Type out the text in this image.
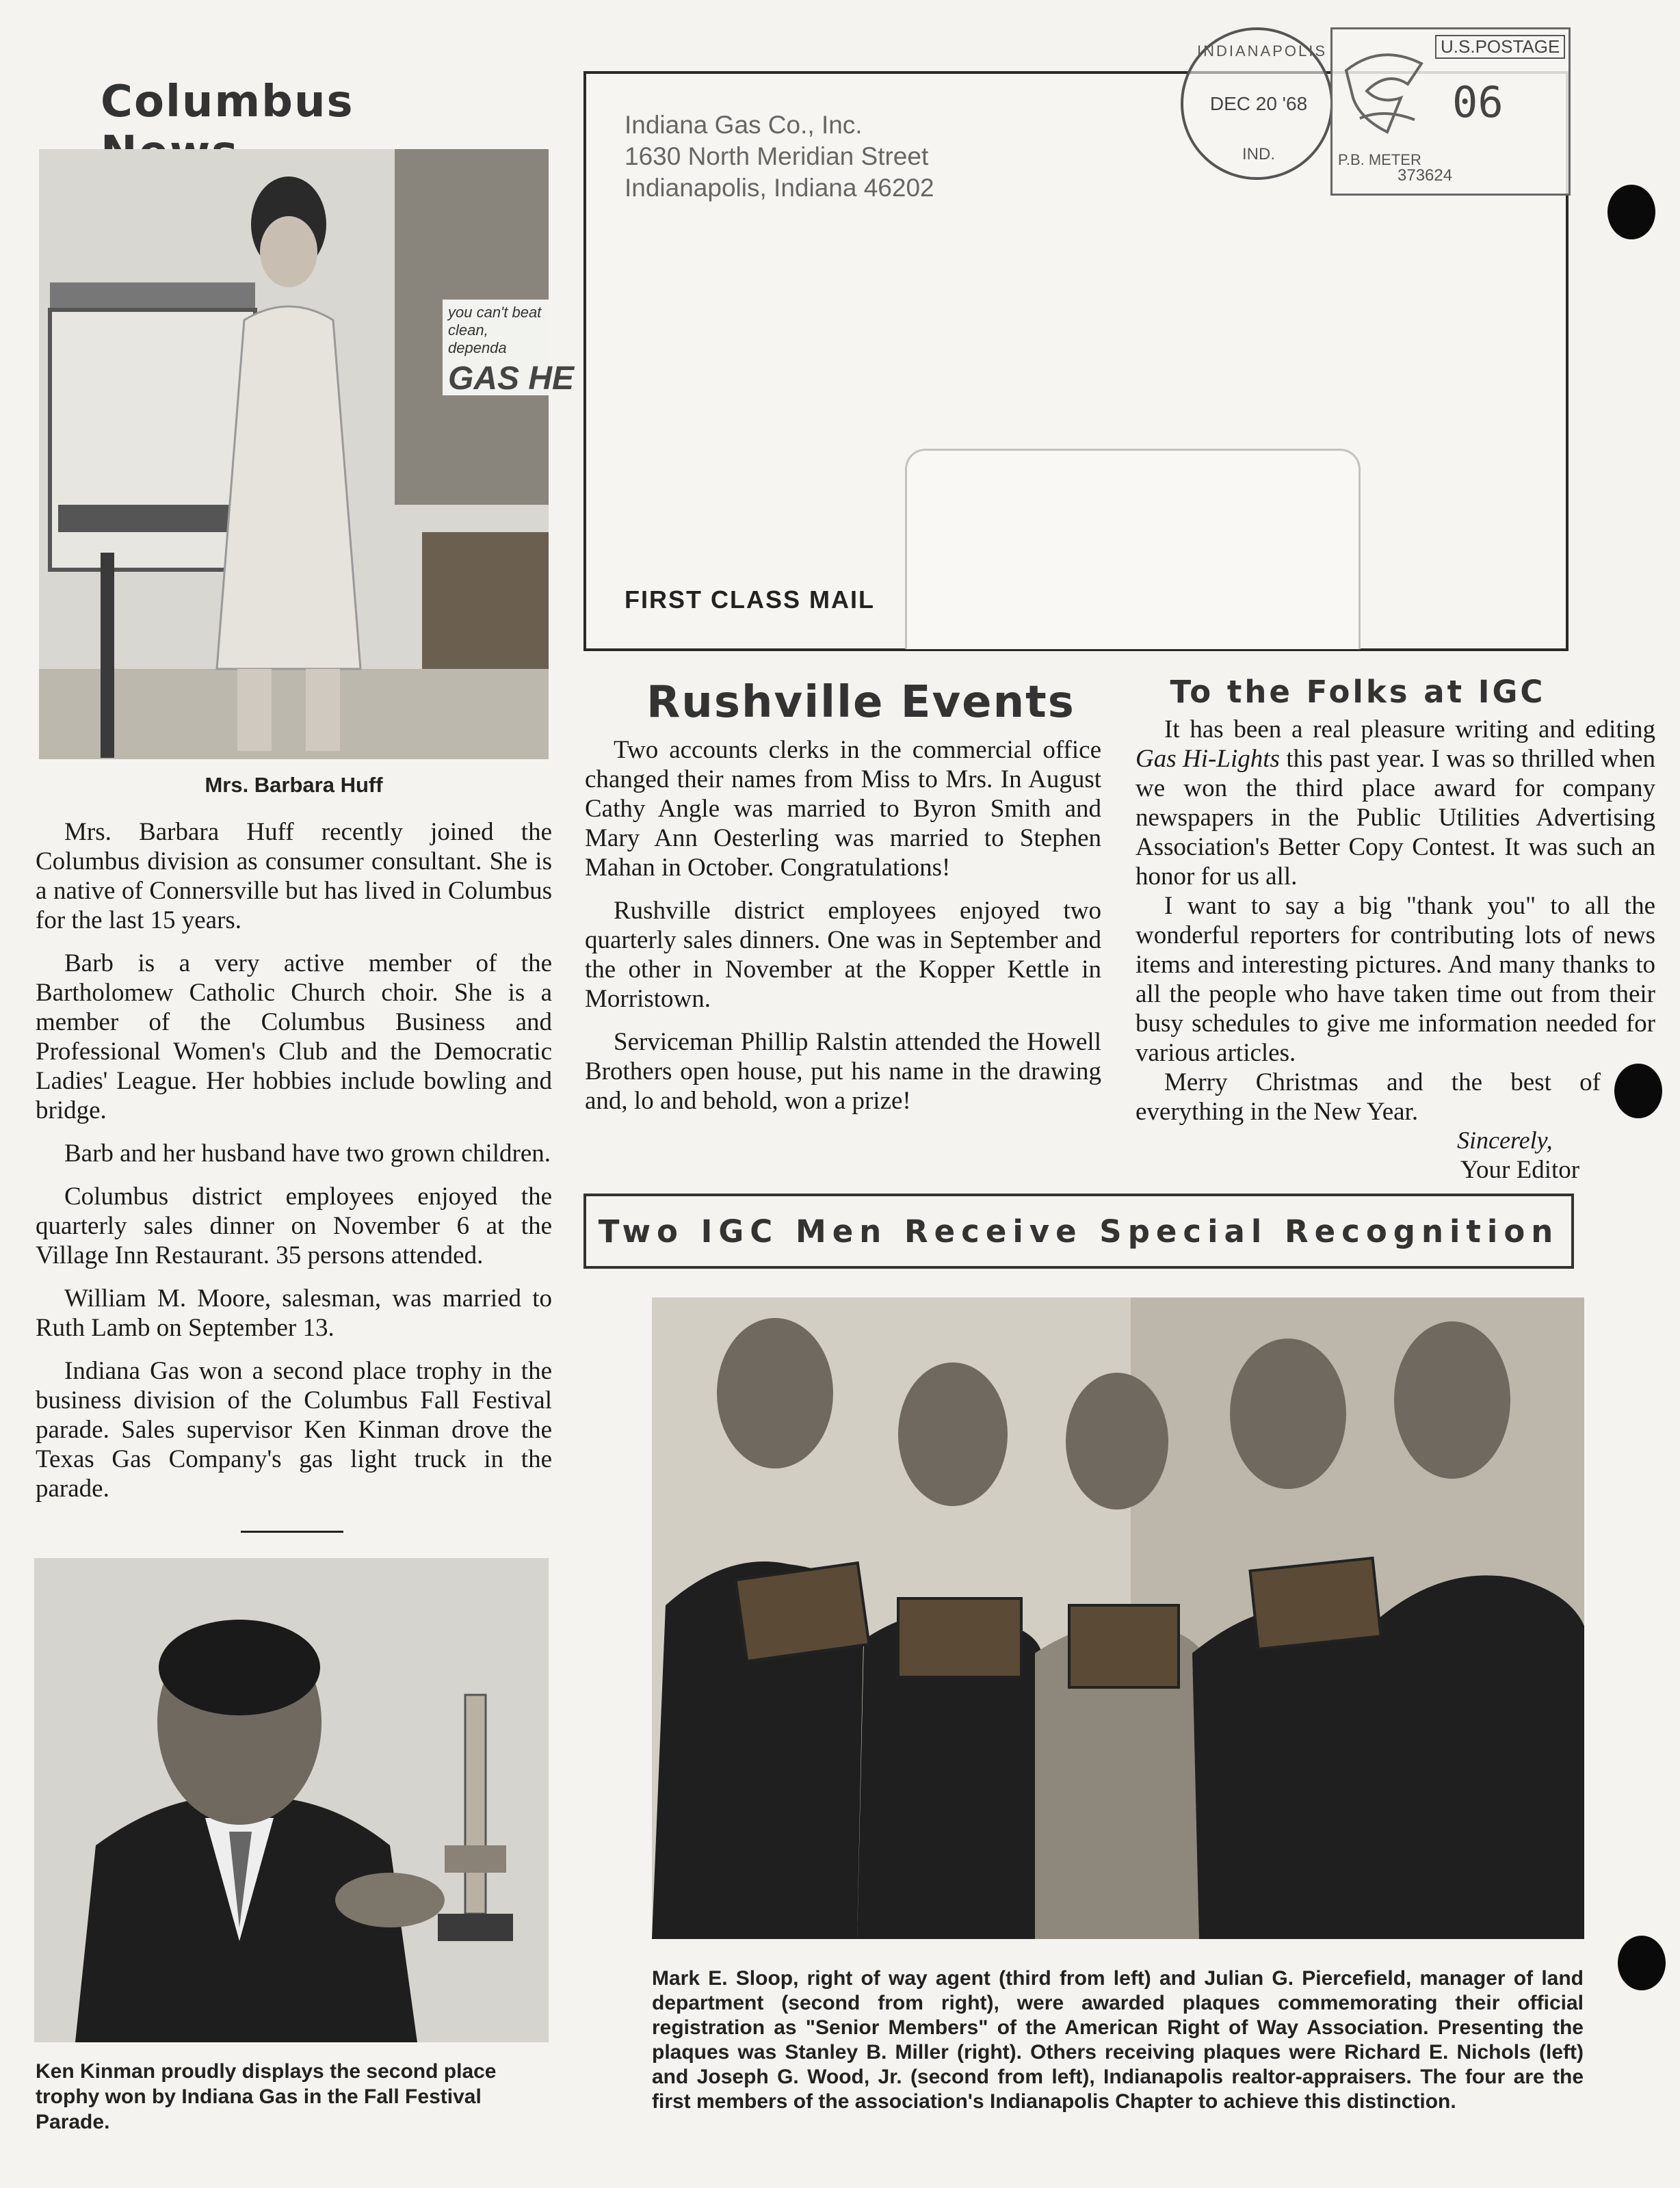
Columbus
you can't beat
clean, dependa
GAS HE
Mrs. Barbara Huff

Mrs. Barbara Huff recently joined the Columbus division as consumer consultant. She is a native of Connersville but has lived in Columbus for the last 15 years.

Barb is a very active member of the Bartholomew Catholic Church choir. She is a member of the Columbus Business and Professional Women's Club and the Democratic Ladies' League. Her hobbies include bowling and bridge.

Barb and her husband have two grown children.

Columbus district employees enjoyed the quarterly sales dinner on November 6 at the Village Inn Restaurant. 35 persons attended.

William M. Moore, salesman, was married to Ruth Lamb on September 13.

Indiana Gas won a second place trophy in the business division of the Columbus Fall Festival parade. Sales supervisor Ken Kinman drove the Texas Gas Company's gas light truck in the parade.

Ken Kinman proudly displays the second place trophy won by Indiana Gas in the Fall Festival Parade.
Indiana Gas Co., Inc.
1630 North Meridian Street
Indianapolis, Indiana 46202
FIRST CLASS MAIL
INDIANAPOLIS
DEC 20 '68
IND.
U.S.POSTAGE
06
P.B. METER
373624
Rushville Events

Two accounts clerks in the commercial office changed their names from Miss to Mrs. In August Cathy Angle was married to Byron Smith and Mary Ann Oesterling was married to Stephen Mahan in October. Congratulations!

Rushville district employees enjoyed two quarterly sales dinners. One was in September and the other in November at the Kopper Kettle in Morristown.

Serviceman Phillip Ralstin attended the Howell Brothers open house, put his name in the drawing and, lo and behold, won a prize!

To the Folks at IGC

It has been a real pleasure writing and editing Gas Hi-Lights this past year. I was so thrilled when we won the third place award for company newspapers in the Public Utilities Advertising Association's Better Copy Contest. It was such an honor for us all.

I want to say a big "thank you" to all the wonderful reporters for contributing lots of news items and interesting pictures. And many thanks to all the people who have taken time out from their busy schedules to give me information needed for various articles.

Merry Christmas and the best of everything in the New Year.

Sincerely,
Your Editor
Two IGC Men Receive Special Recognition
Mark E. Sloop, right of way agent (third from left) and Julian G. Piercefield, manager of land department (second from right), were awarded plaques commemorating their official registration as "Senior Members" of the American Right of Way Association. Presenting the plaques was Stanley B. Miller (right). Others receiving plaques were Richard E. Nichols (left) and Joseph G. Wood, Jr. (second from left), Indianapolis realtor-appraisers. The four are the first members of the association's Indianapolis Chapter to achieve this distinction.
